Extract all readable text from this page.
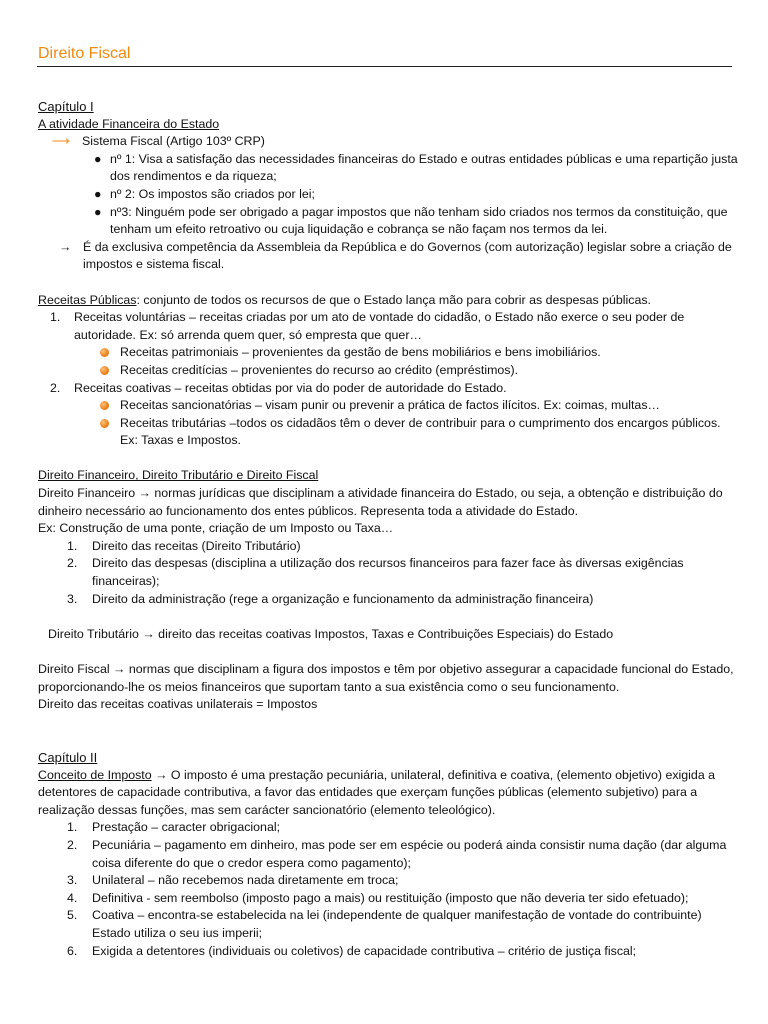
Direito Fiscal

Capítulo I

A atividade Financeira do Estado

⟶ Sistema Fiscal (Artigo 103º CRP)
● nº 1: Visa a satisfação das necessidades financeiras do Estado e outras entidades públicas e uma repartição justa dos rendimentos e da riqueza;
● nº 2: Os impostos são criados por lei;
● nº3: Ninguém pode ser obrigado a pagar impostos que não tenham sido criados nos termos da constituição, que tenham um efeito retroativo ou cuja liquidação e cobrança se não façam nos termos da lei.
→ É da exclusiva competência da Assembleia da República e do Governos (com autorização) legislar sobre a criação de impostos e sistema fiscal.

Receitas Públicas: conjunto de todos os recursos de que o Estado lança mão para cobrir as despesas públicas.

1.	Receitas voluntárias – receitas criadas por um ato de vontade do cidadão, o Estado não exerce o seu poder de autoridade. Ex: só arrenda quem quer, só empresta que quer…
Receitas patrimoniais – provenientes da gestão de bens mobiliários e bens imobiliários.
Receitas creditícias – provenientes do recurso ao crédito (empréstimos).
2.	Receitas coativas – receitas obtidas por via do poder de autoridade do Estado.
Receitas sancionatórias – visam punir ou prevenir a prática de factos ilícitos. Ex: coimas, multas…
Receitas tributárias –todos os cidadãos têm o dever de contribuir para o cumprimento dos encargos públicos. Ex: Taxas e Impostos.

Direito Financeiro, Direito Tributário e Direito Fiscal

Direito Financeiro → normas jurídicas que disciplinam a atividade financeira do Estado, ou seja, a obtenção e distribuição do dinheiro necessário ao funcionamento dos entes públicos. Representa toda a atividade do Estado.

Ex: Construção de uma ponte, criação de um Imposto ou Taxa…

1.	Direito das receitas (Direito Tributário)
2.	Direito das despesas (disciplina a utilização dos recursos financeiros para fazer face às diversas exigências financeiras);
3.	Direito da administração (rege a organização e funcionamento da administração financeira)

Direito Tributário → direito das receitas coativas Impostos, Taxas e Contribuições Especiais) do Estado

Direito Fiscal → normas que disciplinam a figura dos impostos e têm por objetivo assegurar a capacidade funcional do Estado, proporcionando-lhe os meios financeiros que suportam tanto a sua existência como o seu funcionamento.

Direito das receitas coativas unilaterais = Impostos

Capítulo II

Conceito de Imposto → O imposto é uma prestação pecuniária, unilateral, definitiva e coativa, (elemento objetivo) exigida a detentores de capacidade contributiva, a favor das entidades que exerçam funções públicas (elemento subjetivo) para a realização dessas funções, mas sem carácter sancionatório (elemento teleológico).

1.	Prestação – caracter obrigacional;
2.	Pecuniária – pagamento em dinheiro, mas pode ser em espécie ou poderá ainda consistir numa dação (dar alguma coisa diferente do que o credor espera como pagamento);
3.	Unilateral – não recebemos nada diretamente em troca;
4.	Definitiva - sem reembolso (imposto pago a mais) ou restituição (imposto que não deveria ter sido efetuado);
5.	Coativa – encontra-se estabelecida na lei (independente de qualquer manifestação de vontade do contribuinte) Estado utiliza o seu ius imperii;
6.	Exigida a detentores (individuais ou coletivos) de capacidade contributiva – critério de justiça fiscal;
